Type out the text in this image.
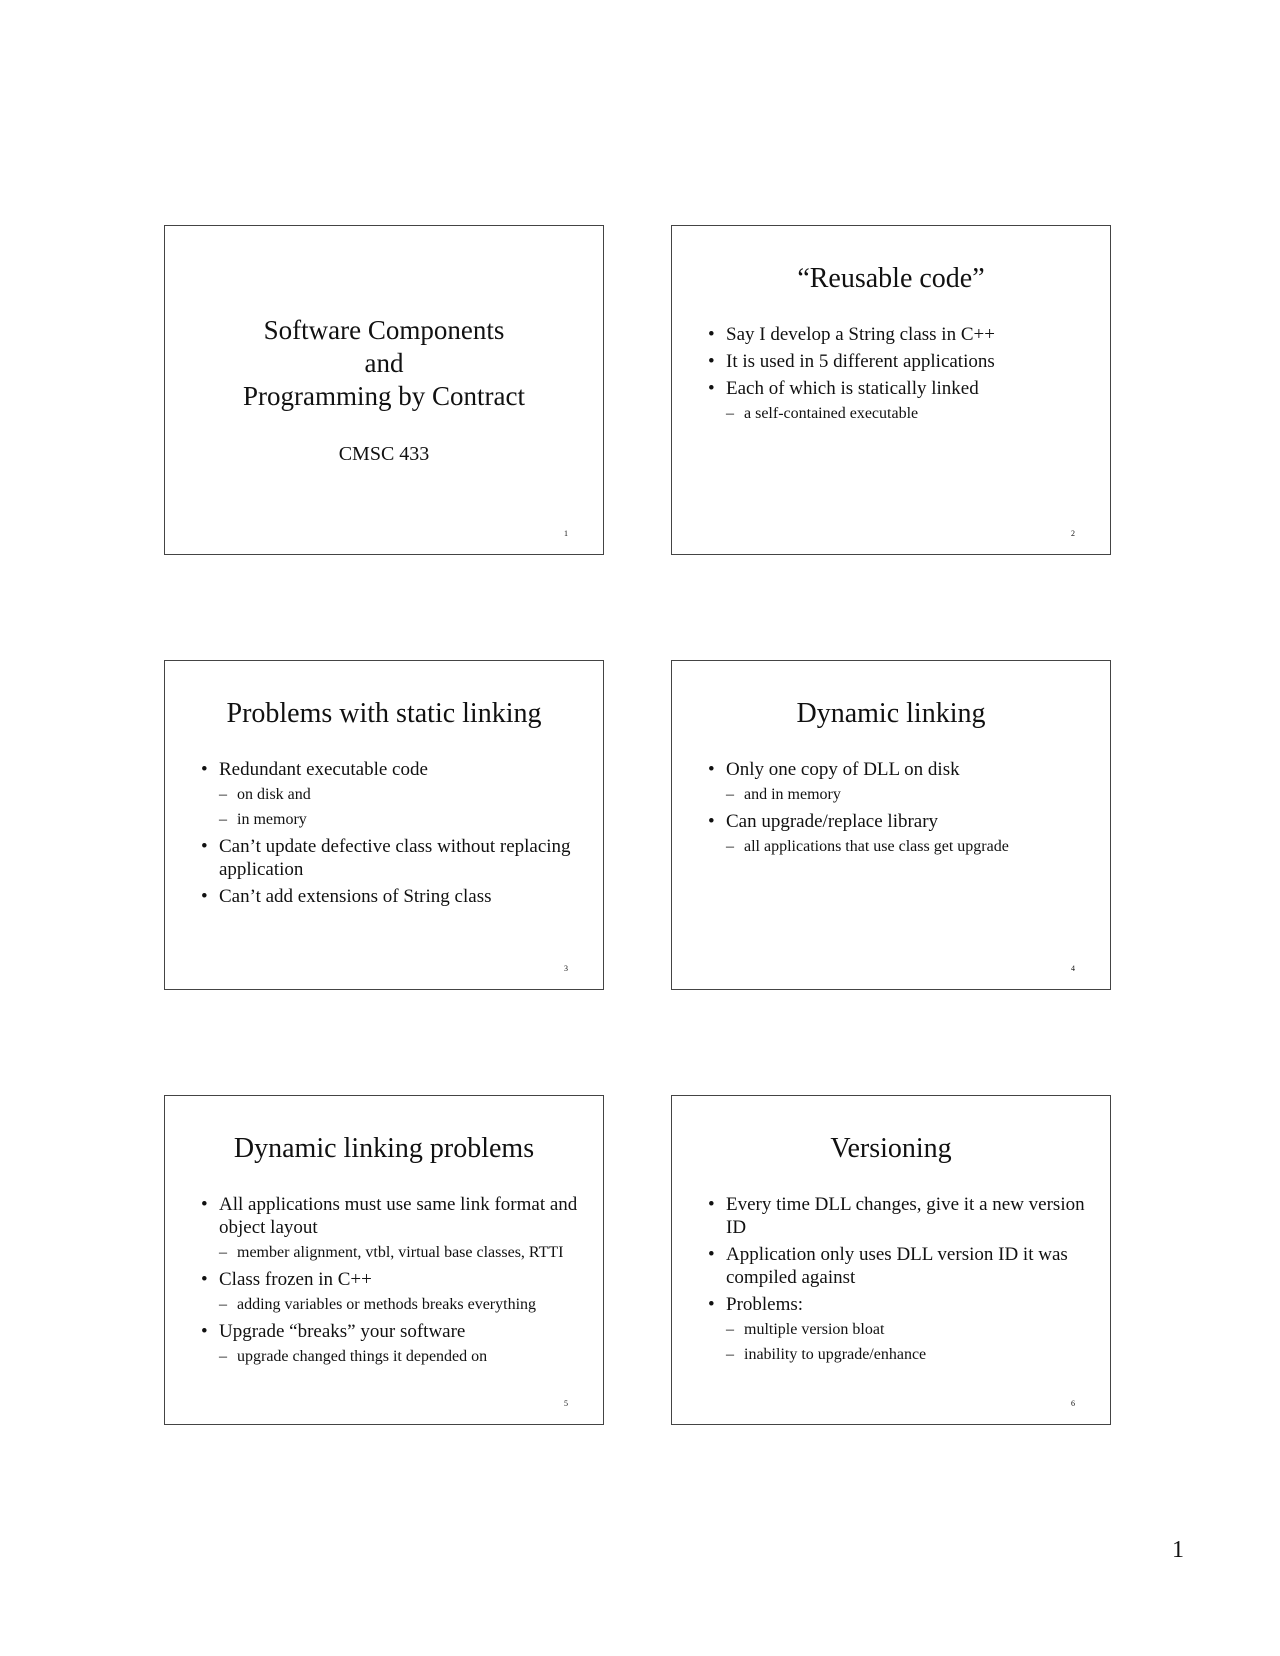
Software Components
and
Programming by Contract
CMSC 433
1
“Reusable code”
• Say I develop a String class in C++
• It is used in 5 different applications
• Each of which is statically linked
– a self-contained executable
2
Problems with static linking
• Redundant executable code
– on disk and
– in memory
• Can’t update defective class without replacing application
• Can’t add extensions of String class
3
Dynamic linking
• Only one copy of DLL on disk
– and in memory
• Can upgrade/replace library
– all applications that use class get upgrade
4
Dynamic linking problems
• All applications must use same link format and object layout
– member alignment, vtbl, virtual base classes, RTTI
• Class frozen in C++
– adding variables or methods breaks everything
• Upgrade “breaks” your software
– upgrade changed things it depended on
5
Versioning
• Every time DLL changes, give it a new version ID
• Application only uses DLL version ID it was compiled against
• Problems:
– multiple version bloat
– inability to upgrade/enhance
6
1
